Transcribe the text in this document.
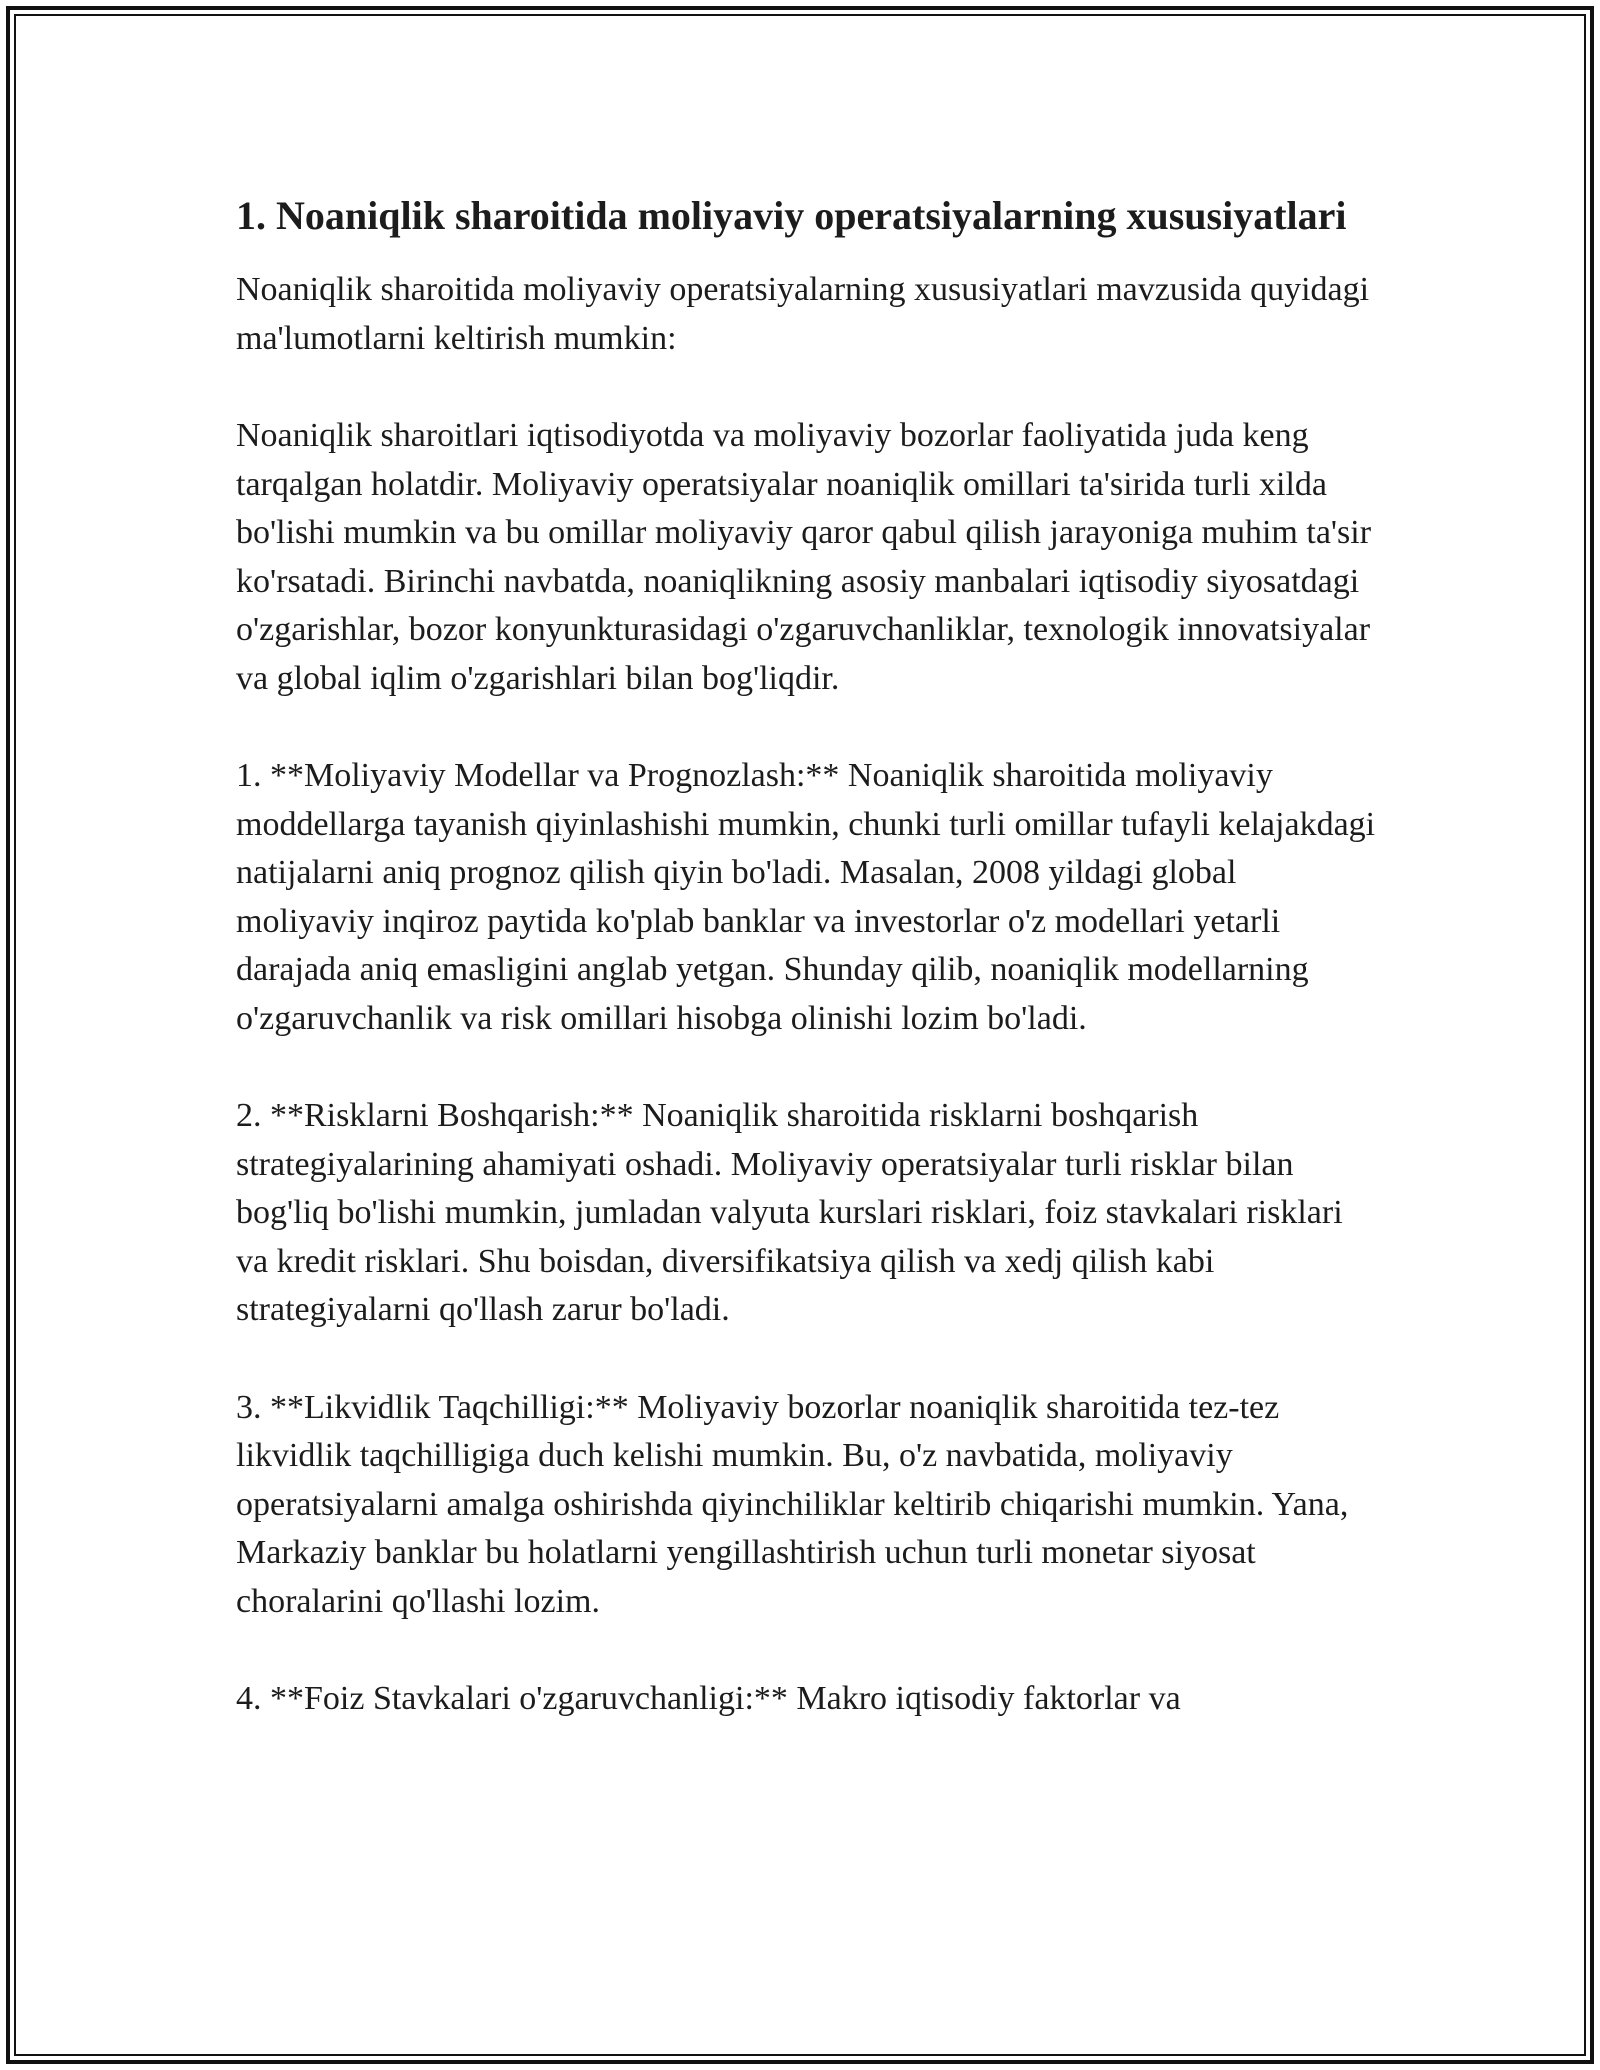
1. Noaniqlik sharoitida moliyaviy operatsiyalarning xususiyatlari

Noaniqlik sharoitida moliyaviy operatsiyalarning xususiyatlari mavzusida quyidagi ma'lumotlarni keltirish mumkin:

Noaniqlik sharoitlari iqtisodiyotda va moliyaviy bozorlar faoliyatida juda keng tarqalgan holatdir. Moliyaviy operatsiyalar noaniqlik omillari ta'sirida turli xilda bo'lishi mumkin va bu omillar moliyaviy qaror qabul qilish jarayoniga muhim ta'sir ko'rsatadi. Birinchi navbatda, noaniqlikning asosiy manbalari iqtisodiy siyosatdagi o'zgarishlar, bozor konyunkturasidagi o'zgaruvchanliklar, texnologik innovatsiyalar va global iqlim o'zgarishlari bilan bog'liqdir.

1. **Moliyaviy Modellar va Prognozlash:** Noaniqlik sharoitida moliyaviy moddellarga tayanish qiyinlashishi mumkin, chunki turli omillar tufayli kelajakdagi natijalarni aniq prognoz qilish qiyin bo'ladi. Masalan, 2008 yildagi global moliyaviy inqiroz paytida ko'plab banklar va investorlar o'z modellari yetarli darajada aniq emasligini anglab yetgan. Shunday qilib, noaniqlik modellarning o'zgaruvchanlik va risk omillari hisobga olinishi lozim bo'ladi.

2. **Risklarni Boshqarish:** Noaniqlik sharoitida risklarni boshqarish strategiyalarining ahamiyati oshadi. Moliyaviy operatsiyalar turli risklar bilan bog'liq bo'lishi mumkin, jumladan valyuta kurslari risklari, foiz stavkalari risklari va kredit risklari. Shu boisdan, diversifikatsiya qilish va xedj qilish kabi strategiyalarni qo'llash zarur bo'ladi.

3. **Likvidlik Taqchilligi:** Moliyaviy bozorlar noaniqlik sharoitida tez-tez likvidlik taqchilligiga duch kelishi mumkin. Bu, o'z navbatida, moliyaviy operatsiyalarni amalga oshirishda qiyinchiliklar keltirib chiqarishi mumkin. Yana, Markaziy banklar bu holatlarni yengillashtirish uchun turli monetar siyosat choralarini qo'llashi lozim.

4. **Foiz Stavkalari o'zgaruvchanligi:** Makro iqtisodiy faktorlar va
